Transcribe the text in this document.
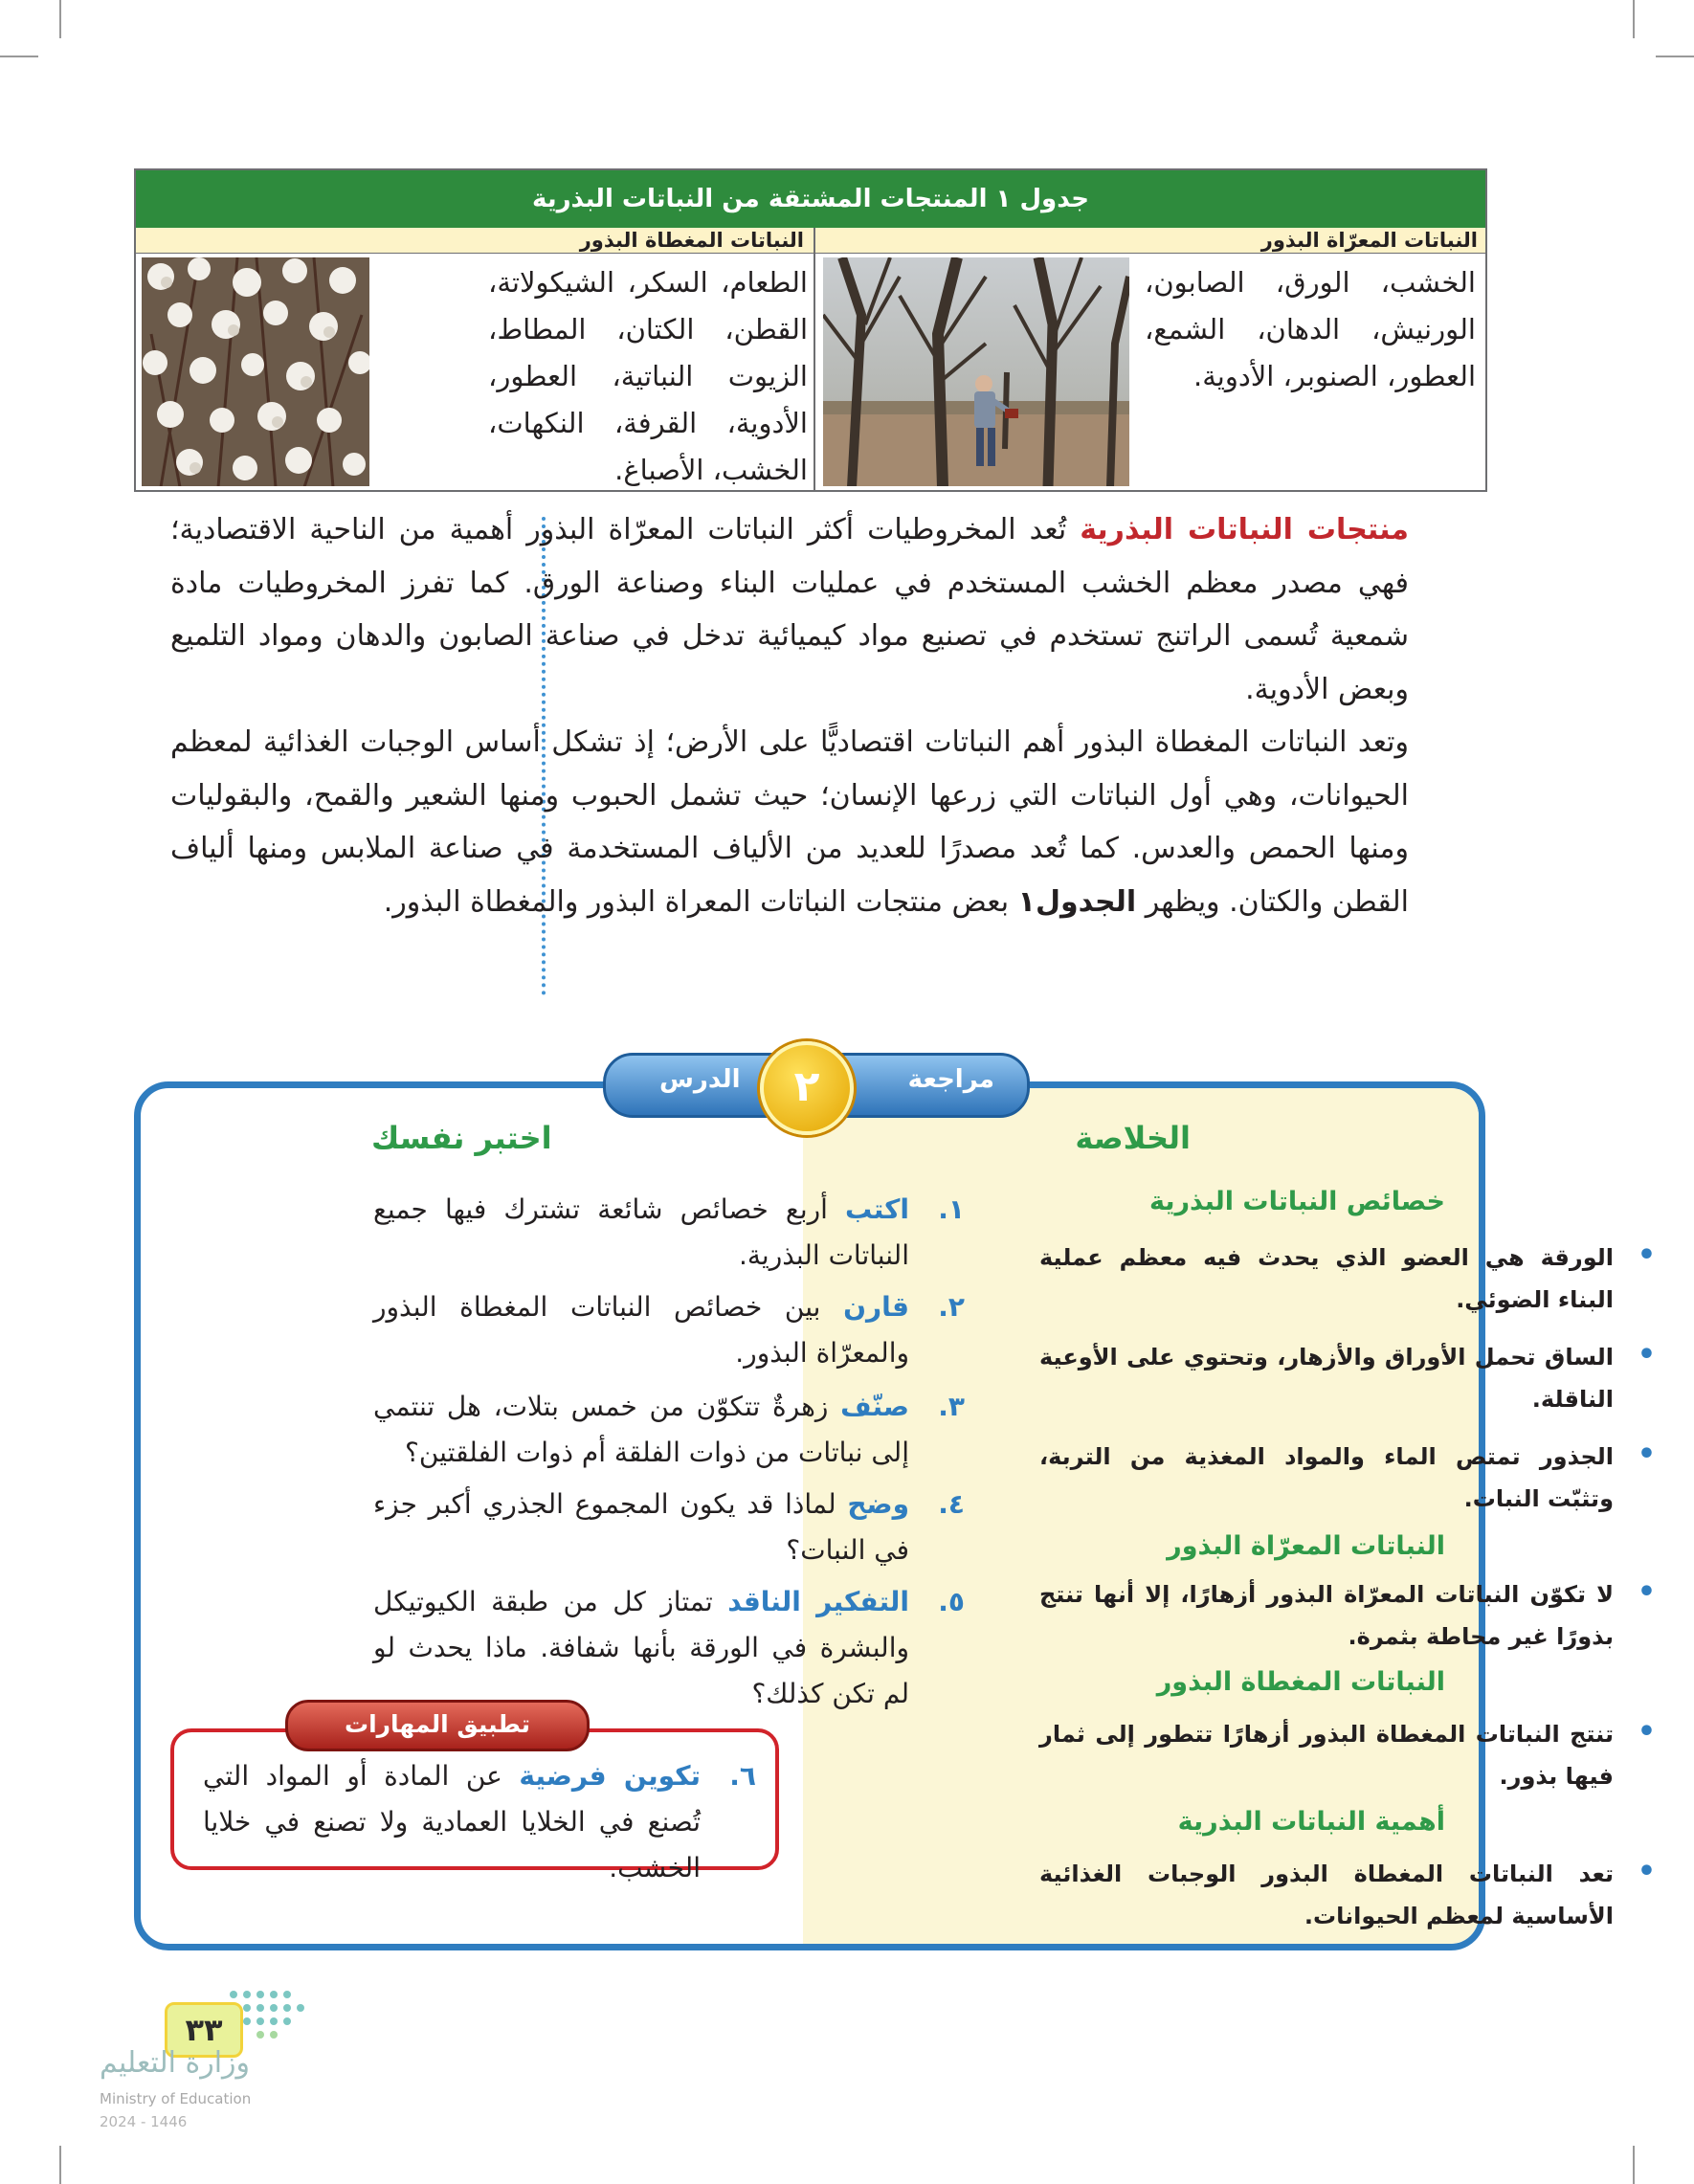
جدول ١ المنتجات المشتقة من النباتات البذرية
النباتات المعرّاة البذور
النباتات المغطاة البذور
الخشب، الورق، الصابون، الورنيش، الدهان، الشمع، العطور، الصنوبر، الأدوية.
الطعام، السكر، الشيكولاتة، القطن، الكتان، المطاط، الزيوت النباتية، العطور، الأدوية، القرفة، النكهات، الخشب، الأصباغ.

منتجات النباتات البذرية تُعد المخروطيات أكثر النباتات المعرّاة البذور أهمية من الناحية الاقتصادية؛ فهي مصدر معظم الخشب المستخدم في عمليات البناء وصناعة الورق. كما تفرز المخروطيات مادة شمعية تُسمى الراتنج تستخدم في تصنيع مواد كيميائية تدخل في صناعة الصابون والدهان ومواد التلميع وبعض الأدوية.

وتعد النباتات المغطاة البذور أهم النباتات اقتصاديًّا على الأرض؛ إذ تشكل أساس الوجبات الغذائية لمعظم الحيوانات، وهي أول النباتات التي زرعها الإنسان؛ حيث تشمل الحبوب ومنها الشعير والقمح، والبقوليات ومنها الحمص والعدس. كما تُعد مصدرًا للعديد من الألياف المستخدمة في صناعة الملابس ومنها ألياف القطن والكتان. ويظهر الجدول١ بعض منتجات النباتات المعراة البذور والمغطاة البذور.

مراجعة
الدرس	٢
الخلاصة
خصائص النباتات البذرية
•
الورقة هي العضو الذي يحدث فيه معظم عملية البناء الضوئي.
•
الساق تحمل الأوراق والأزهار، وتحتوي على الأوعية الناقلة.
•
الجذور تمتص الماء والمواد المغذية من التربة، وتثبّت النبات.
النباتات المعرّاة البذور
•
لا تكوّن النباتات المعرّاة البذور أزهارًا، إلا أنها تنتج بذورًا غير محاطة بثمرة.
النباتات المغطاة البذور
•
تنتج النباتات المغطاة البذور أزهارًا تتطور إلى ثمار فيها بذور.
أهمية النباتات البذرية
•
تعد النباتات المغطاة البذور الوجبات الغذائية الأساسية لمعظم الحيوانات.
اختبر نفسك
١.
اكتب أربع خصائص شائعة تشترك فيها جميع النباتات البذرية.
٢.
قارن بين خصائص النباتات المغطاة البذور والمعرّاة البذور.
٣.
صنّف زهرةٌ تتكوّن من خمس بتلات، هل تنتمي إلى نباتات من ذوات الفلقة أم ذوات الفلقتين؟
٤.
وضح لماذا قد يكون المجموع الجذري أكبر جزء في النبات؟
٥.
التفكير الناقد تمتاز كل من طبقة الكيوتيكل والبشرة في الورقة بأنها شفافة. ماذا يحدث لو لم تكن كذلك؟
تطبيق المهارات
٦.
تكوين فرضية عن المادة أو المواد التي تُصنع في الخلايا العمادية ولا تصنع في خلايا الخشب.
٣٣
وزارة التعليم
Ministry of Education
2024 - 1446
